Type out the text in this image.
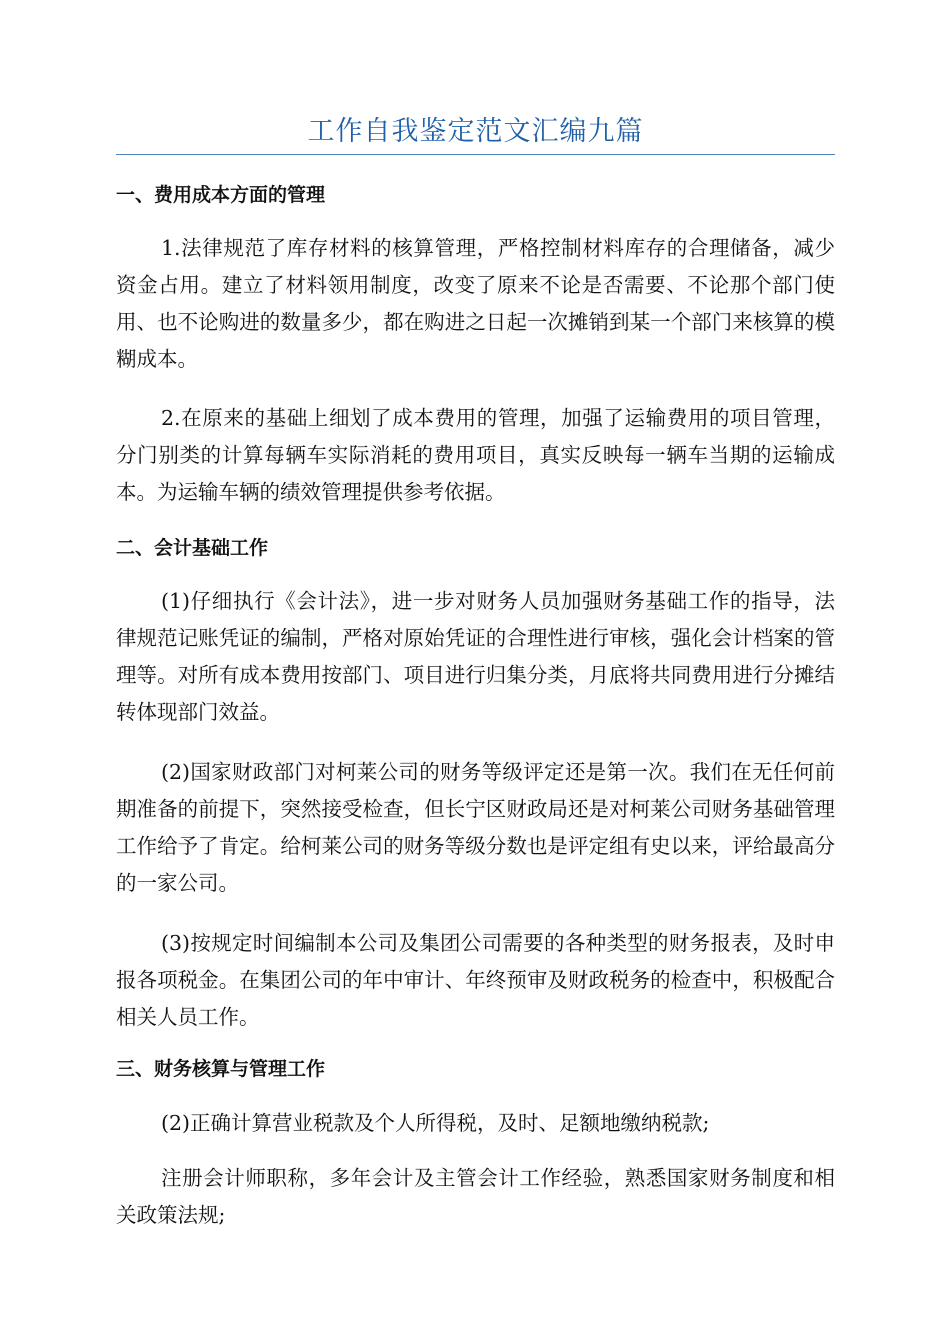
工作自我鉴定范文汇编九篇
一、费用成本方面的管理

1.法律规范了库存材料的核算管理，严格控制材料库存的合理储备，减少资金占用。建立了材料领用制度，改变了原来不论是否需要、不论那个部门使用、也不论购进的数量多少，都在购进之日起一次摊销到某一个部门来核算的模糊成本。

2.在原来的基础上细划了成本费用的管理，加强了运输费用的项目管理，分门别类的计算每辆车实际消耗的费用项目，真实反映每一辆车当期的运输成本。为运输车辆的绩效管理提供参考依据。

二、会计基础工作

(1)仔细执行《会计法》，进一步对财务人员加强财务基础工作的指导，法律规范记账凭证的编制，严格对原始凭证的合理性进行审核，强化会计档案的管理等。对所有成本费用按部门、项目进行归集分类，月底将共同费用进行分摊结转体现部门效益。

(2)国家财政部门对柯莱公司的财务等级评定还是第一次。我们在无任何前期准备的前提下，突然接受检查，但长宁区财政局还是对柯莱公司财务基础管理工作给予了肯定。给柯莱公司的财务等级分数也是评定组有史以来，评给最高分的一家公司。

(3)按规定时间编制本公司及集团公司需要的各种类型的财务报表，及时申报各项税金。在集团公司的年中审计、年终预审及财政税务的检查中，积极配合相关人员工作。

三、财务核算与管理工作

(2)正确计算营业税款及个人所得税，及时、足额地缴纳税款;

注册会计师职称，多年会计及主管会计工作经验，熟悉国家财务制度和相关政策法规;
